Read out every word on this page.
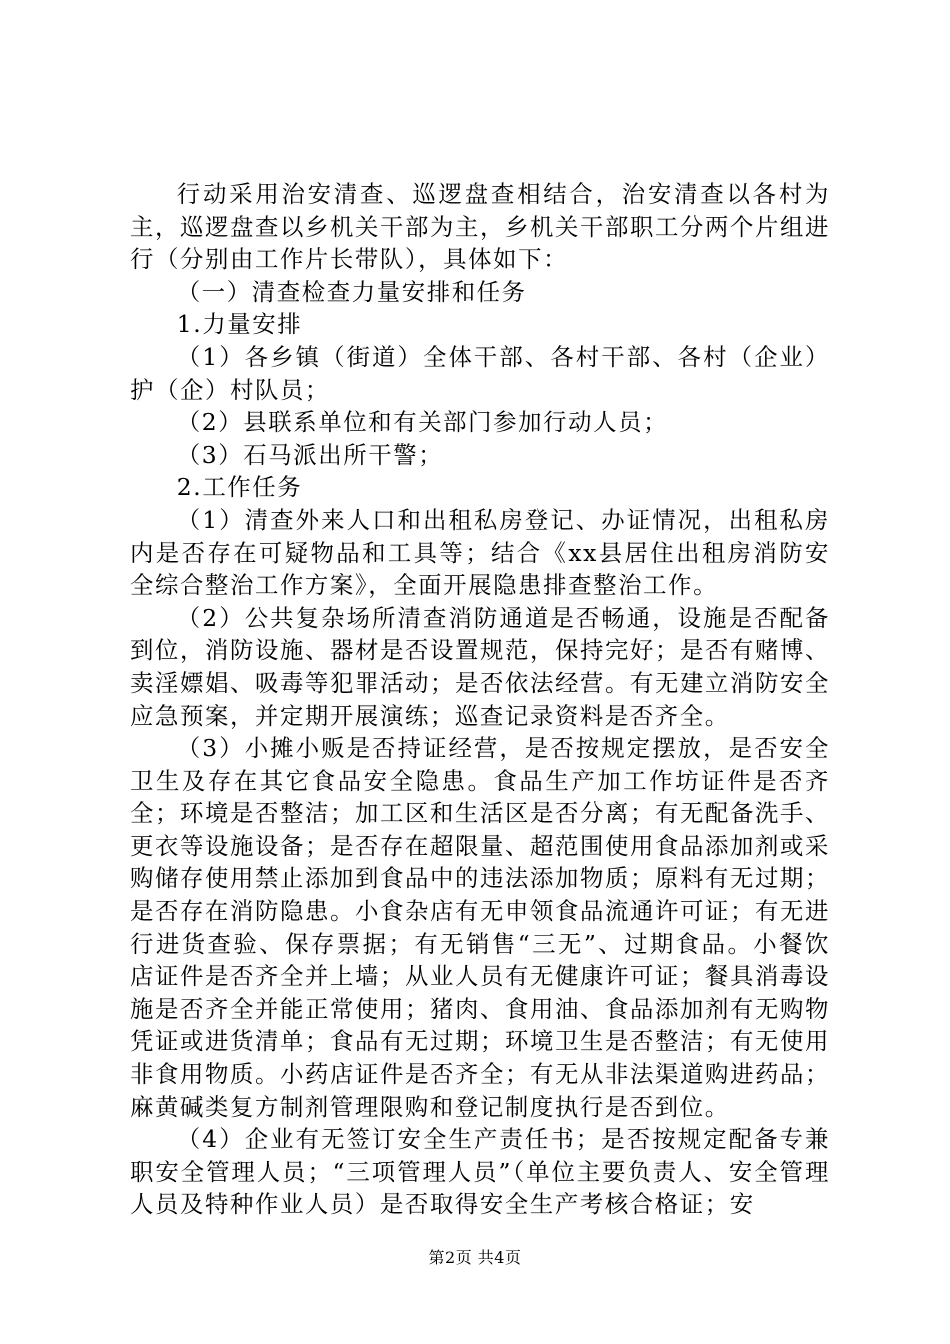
行动采用治安清查、巡逻盘查相结合，治安清查以各村为主，巡逻盘查以乡机关干部为主，乡机关干部职工分两个片组进行（分别由工作片长带队），具体如下：

（一）清查检查力量安排和任务

1.力量安排

（1）各乡镇（街道）全体干部、各村干部、各村（企业）护（企）村队员；

（2）县联系单位和有关部门参加行动人员；

（3）石马派出所干警；

2.工作任务

（1）清查外来人口和出租私房登记、办证情况，出租私房内是否存在可疑物品和工具等；结合《xx县居住出租房消防安全综合整治工作方案》，全面开展隐患排查整治工作。

（2）公共复杂场所清查消防通道是否畅通，设施是否配备到位，消防设施、器材是否设置规范，保持完好；是否有赌博、卖淫嫖娼、吸毒等犯罪活动；是否依法经营。有无建立消防安全应急预案，并定期开展演练；巡查记录资料是否齐全。

（3）小摊小贩是否持证经营，是否按规定摆放，是否安全卫生及存在其它食品安全隐患。食品生产加工作坊证件是否齐全；环境是否整洁；加工区和生活区是否分离；有无配备洗手、更衣等设施设备；是否存在超限量、超范围使用食品添加剂或采购储存使用禁止添加到食品中的违法添加物质；原料有无过期；是否存在消防隐患。小食杂店有无申领食品流通许可证；有无进行进货查验、保存票据；有无销售“三无”、过期食品。小餐饮店证件是否齐全并上墙；从业人员有无健康许可证；餐具消毒设施是否齐全并能正常使用；猪肉、食用油、食品添加剂有无购物凭证或进货清单；食品有无过期；环境卫生是否整洁；有无使用非食用物质。小药店证件是否齐全；有无从非法渠道购进药品；麻黄碱类复方制剂管理限购和登记制度执行是否到位。

（4）企业有无签订安全生产责任书；是否按规定配备专兼职安全管理人员；“三项管理人员”（单位主要负责人、安全管理人员及特种作业人员）是否取得安全生产考核合格证；安

第2页 共4页
